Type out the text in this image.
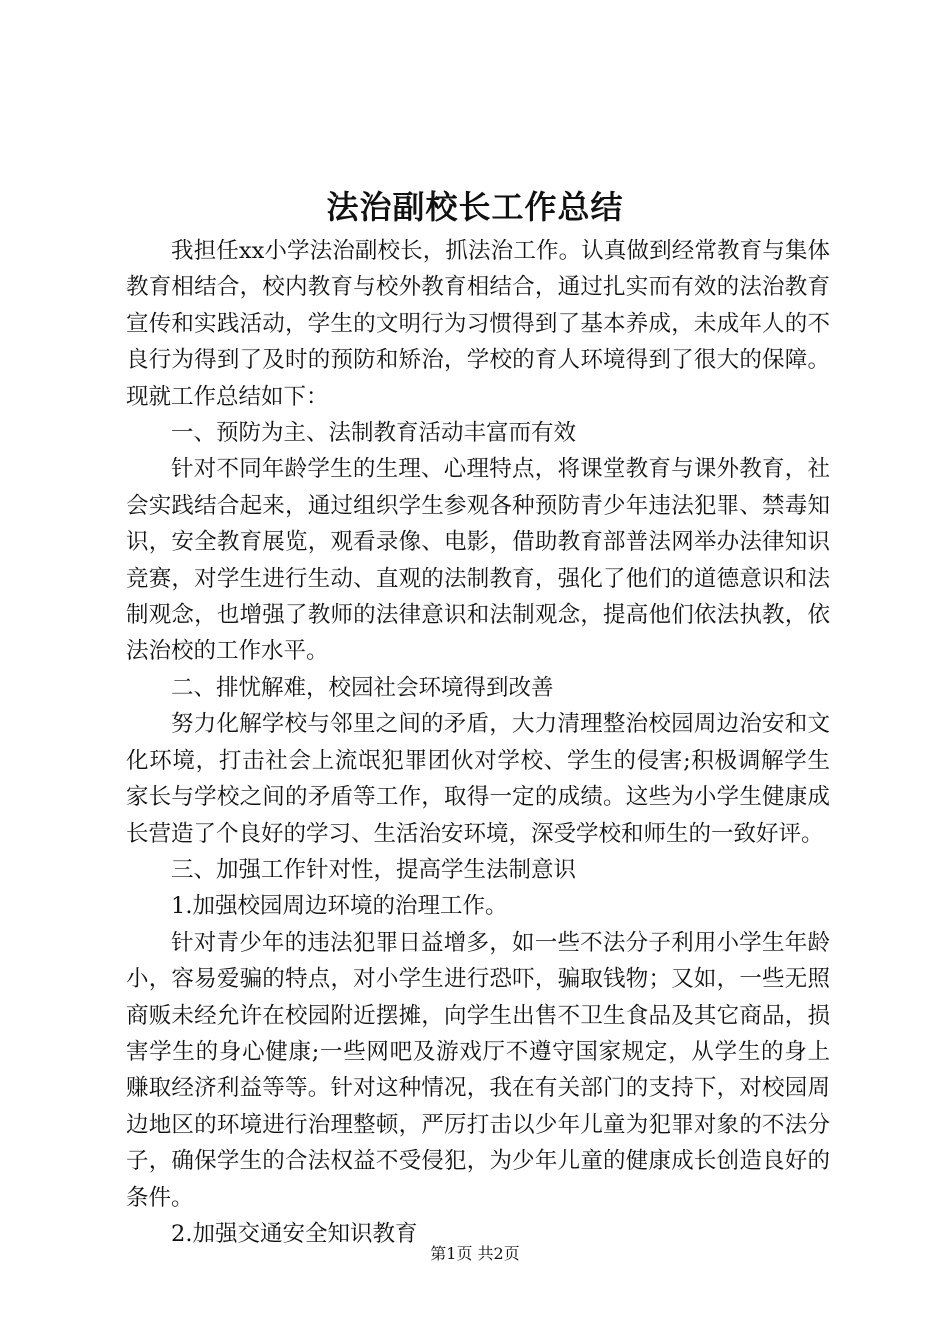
法治副校长工作总结

我担任xx小学法治副校长，抓法治工作。认真做到经常教育与集体教育相结合，校内教育与校外教育相结合，通过扎实而有效的法治教育宣传和实践活动，学生的文明行为习惯得到了基本养成，未成年人的不良行为得到了及时的预防和矫治，学校的育人环境得到了很大的保障。现就工作总结如下：

一、预防为主、法制教育活动丰富而有效

针对不同年龄学生的生理、心理特点，将课堂教育与课外教育，社会实践结合起来，通过组织学生参观各种预防青少年违法犯罪、禁毒知识，安全教育展览，观看录像、电影，借助教育部普法网举办法律知识竞赛，对学生进行生动、直观的法制教育，强化了他们的道德意识和法制观念，也增强了教师的法律意识和法制观念，提高他们依法执教，依法治校的工作水平。

二、排忧解难，校园社会环境得到改善

努力化解学校与邻里之间的矛盾，大力清理整治校园周边治安和文化环境，打击社会上流氓犯罪团伙对学校、学生的侵害;积极调解学生家长与学校之间的矛盾等工作，取得一定的成绩。这些为小学生健康成长营造了个良好的学习、生活治安环境，深受学校和师生的一致好评。

三、加强工作针对性，提高学生法制意识

1.加强校园周边环境的治理工作。

针对青少年的违法犯罪日益增多，如一些不法分子利用小学生年龄小，容易爱骗的特点，对小学生进行恐吓，骗取钱物；又如，一些无照商贩未经允许在校园附近摆摊，向学生出售不卫生食品及其它商品，损害学生的身心健康;一些网吧及游戏厅不遵守国家规定，从学生的身上赚取经济利益等等。针对这种情况，我在有关部门的支持下，对校园周边地区的环境进行治理整顿，严厉打击以少年儿童为犯罪对象的不法分子，确保学生的合法权益不受侵犯，为少年儿童的健康成长创造良好的条件。

2.加强交通安全知识教育

第1页 共2页
